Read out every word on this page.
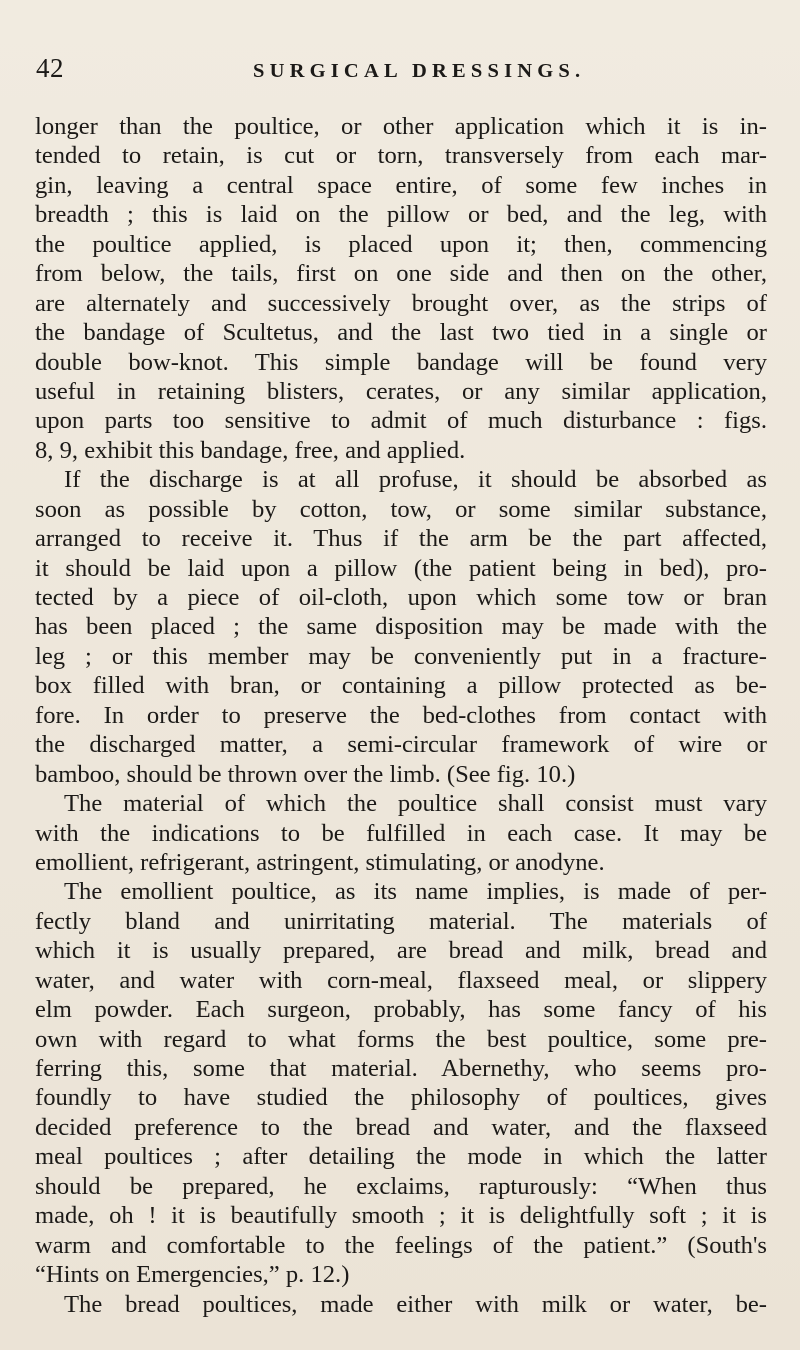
42	SURGICAL DRESSINGS.
longer than the poultice, or other application which it is in-
tended to retain, is cut or torn, transversely from each mar-
gin, leaving a central space entire, of some few inches in
breadth ; this is laid on the pillow or bed, and the leg, with
the poultice applied, is placed upon it; then, commencing
from below, the tails, first on one side and then on the other,
are alternately and successively brought over, as the strips of
the bandage of Scultetus, and the last two tied in a single or
double bow-knot. This simple bandage will be found very
useful in retaining blisters, cerates, or any similar application,
upon parts too sensitive to admit of much disturbance : figs.
8, 9, exhibit this bandage, free, and applied.
If the discharge is at all profuse, it should be absorbed as
soon as possible by cotton, tow, or some similar substance,
arranged to receive it. Thus if the arm be the part affected,
it should be laid upon a pillow (the patient being in bed), pro-
tected by a piece of oil-cloth, upon which some tow or bran
has been placed ; the same disposition may be made with the
leg ; or this member may be conveniently put in a fracture-
box filled with bran, or containing a pillow protected as be-
fore. In order to preserve the bed-clothes from contact with
the discharged matter, a semi-circular framework of wire or
bamboo, should be thrown over the limb. (See fig. 10.)
The material of which the poultice shall consist must vary
with the indications to be fulfilled in each case. It may be
emollient, refrigerant, astringent, stimulating, or anodyne.
The emollient poultice, as its name implies, is made of per-
fectly bland and unirritating material. The materials of
which it is usually prepared, are bread and milk, bread and
water, and water with corn-meal, flaxseed meal, or slippery
elm powder. Each surgeon, probably, has some fancy of his
own with regard to what forms the best poultice, some pre-
ferring this, some that material. Abernethy, who seems pro-
foundly to have studied the philosophy of poultices, gives
decided preference to the bread and water, and the flaxseed
meal poultices ; after detailing the mode in which the latter
should be prepared, he exclaims, rapturously: “When thus
made, oh ! it is beautifully smooth ; it is delightfully soft ; it is
warm and comfortable to the feelings of the patient.” (South's
“Hints on Emergencies,” p. 12.)
The bread poultices, made either with milk or water, be-
